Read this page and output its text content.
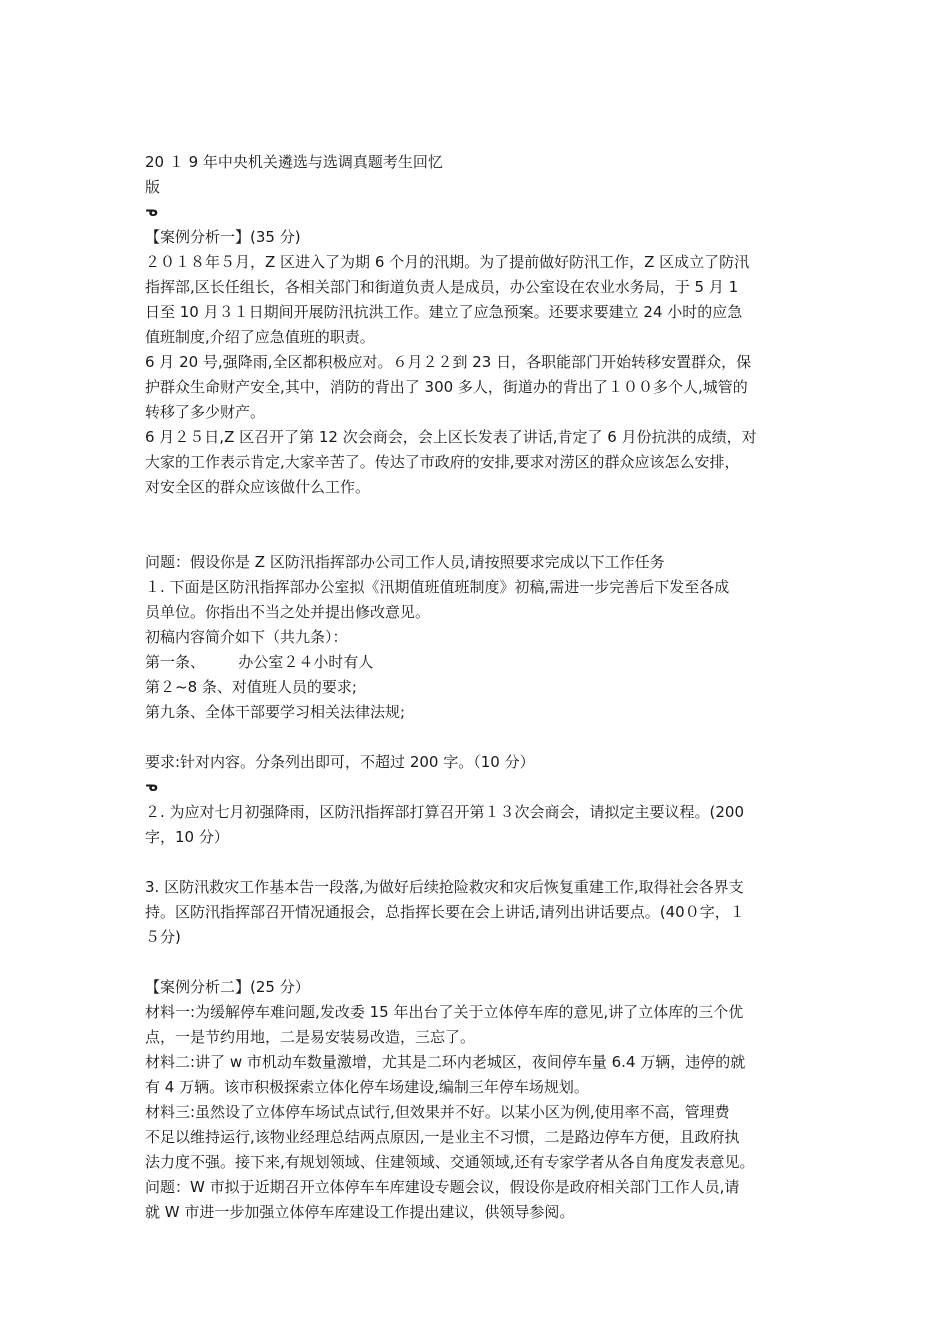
20 １ 9 年中央机关遴选与选调真题考生回忆
版
ᓀ
【案例分析一】(35 分)
２０１８年５月，Z 区进入了为期 6 个月的汛期。为了提前做好防汛工作，Z 区成立了防汛
指挥部,区长任组长，各相关部门和街道负责人是成员，办公室设在农业水务局，于 5 月 1
日至 10 月３１日期间开展防汛抗洪工作。建立了应急预案。还要求要建立 24 小时的应急
值班制度,介绍了应急值班的职责。
6 月 20 号,强降雨,全区都积极应对。６月２２到 23 日，各职能部门开始转移安置群众，保
护群众生命财产安全,其中，消防的背出了 300 多人，街道办的背出了１００多个人,城管的
转移了多少财产。
6 月２５日,Z 区召开了第 12 次会商会，会上区长发表了讲话,肯定了 6 月份抗洪的成绩，对
大家的工作表示肯定,大家辛苦了。传达了市政府的安排,要求对涝区的群众应该怎么安排，
对安全区的群众应该做什么工作。
问题：假设你是 Z 区防汛指挥部办公司工作人员,请按照要求完成以下工作任务
１. 下面是区防汛指挥部办公室拟《汛期值班值班制度》初稿,需进一步完善后下发至各成
员单位。你指出不当之处并提出修改意见。
初稿内容简介如下（共九条）：
第一条、       办公室２４小时有人
第２~8 条、对值班人员的要求;
第九条、全体干部要学习相关法律法规;
要求:针对内容。分条列出即可，不超过 200 字。（10 分）
ᓀ
２. 为应对七月初强降雨，区防汛指挥部打算召开第１３次会商会，请拟定主要议程。(200
字，10 分）
3. 区防汛救灾工作基本告一段落,为做好后续抢险救灾和灾后恢复重建工作,取得社会各界支
持。区防汛指挥部召开情况通报会，总指挥长要在会上讲话,请列出讲话要点。(40０字，１
５分)
【案例分析二】(25 分）
材料一:为缓解停车难问题,发改委 15 年出台了关于立体停车库的意见,讲了立体库的三个优
点，一是节约用地，二是易安装易改造，三忘了。
材料二:讲了 w 市机动车数量激增，尤其是二环内老城区，夜间停车量 6.4 万辆，违停的就
有 4 万辆。该市积极探索立体化停车场建设,编制三年停车场规划。
材料三:虽然设了立体停车场试点试行,但效果并不好。以某小区为例,使用率不高，管理费
不足以维持运行,该物业经理总结两点原因,一是业主不习惯，二是路边停车方便，且政府执
法力度不强。接下来,有规划领域、住建领域、交通领域,还有专家学者从各自角度发表意见。
问题：W 市拟于近期召开立体停车车库建设专题会议，假设你是政府相关部门工作人员,请
就 W 市进一步加强立体停车库建设工作提出建议，供领导参阅。
